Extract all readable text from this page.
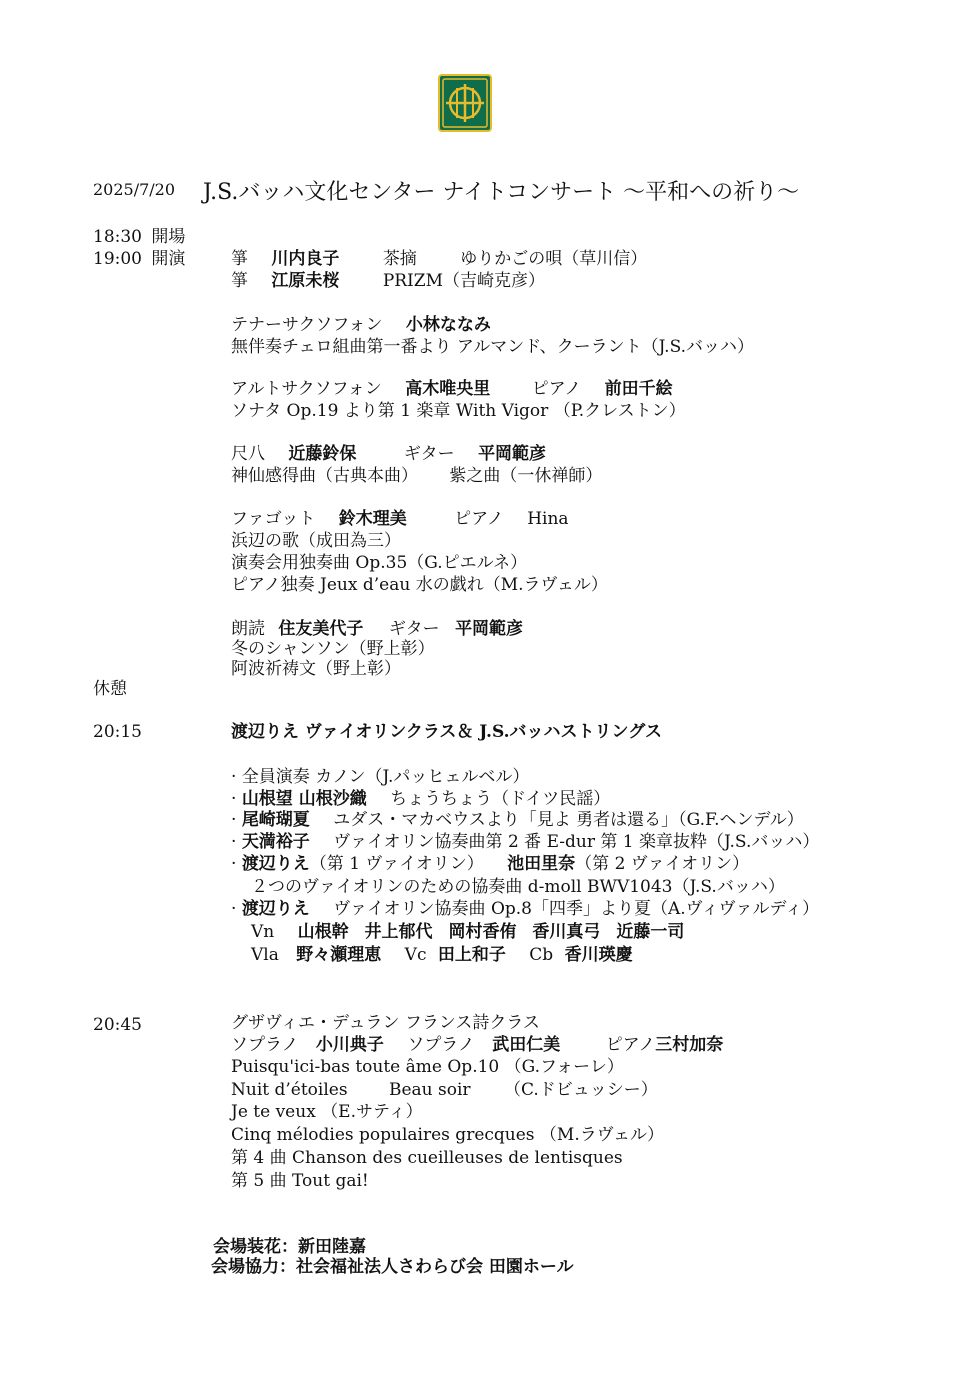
2025/7/20 J.S.バッハ文化センター ナイトコンサート ～平和への祈り～
18:30 開場
19:00 開演	箏 川内良子	茶摘	ゆりかごの唄（草川信）
箏 江原未桜	PRIZM（吉崎克彦）
テナーサクソフォン 小林ななみ
無伴奏チェロ組曲第一番より アルマンド、クーラント（J.S.バッハ）
アルトサクソフォン 高木唯央里 ピアノ 前田千絵
ソナタ Op.19 より第 1 楽章 With Vigor （P.クレストン）
尺八 近藤鈴保	ギター 平岡範彦
神仙感得曲（古典本曲） 紫之曲（一休禅師）
ファゴット 鈴木理美	ピアノ Hina
浜辺の歌（成田為三）
演奏会用独奏曲 Op.35（G.ピエルネ）
ピアノ独奏 Jeux d’eau 水の戯れ（M.ラヴェル）
朗読 住友美代子 ギター 平岡範彦
冬のシャンソン（野上彰）
阿波祈祷文（野上彰）
休憩
20:15	渡辺りえ ヴァイオリンクラス＆ J.S.バッハストリングス
· 全員演奏 カノン（J.パッヒェルベル）
· 山根望 山根沙織 ちょうちょう（ドイツ民謡）
· 尾崎瑚夏 ユダス・マカベウスより「見よ 勇者は還る」（G.F.ヘンデル）
· 天満裕子 ヴァイオリン協奏曲第 2 番 E-dur 第 1 楽章抜粋（J.S.バッハ）
· 渡辺りえ（第 1 ヴァイオリン） 池田里奈（第 2 ヴァイオリン）
２つのヴァイオリンのための協奏曲 d-moll BWV1043（J.S.バッハ）
· 渡辺りえ ヴァイオリン協奏曲 Op.8「四季」より夏（A.ヴィヴァルディ）
Vn 山根幹 井上郁代 岡村香侑 香川真弓 近藤一司
Vla 野々瀬理恵 Vc 田上和子 Cb 香川瑛慶
20:45	グザヴィエ・デュラン フランス詩クラス
ソプラノ 小川典子 ソプラノ 武田仁美	ピアノ三村加奈
Puisqu'ici-bas toute âme Op.10 （G.フォーレ）
Nuit d’étoiles Beau soir （C.ドビュッシー）
Je te veux （E.サティ）
Cinq mélodies populaires grecques （M.ラヴェル）
第 4 曲 Chanson des cueilleuses de lentisques
第 5 曲 Tout gai!
会場装花：新田陸嘉
会場協力：社会福祉法人さわらび会 田園ホール
